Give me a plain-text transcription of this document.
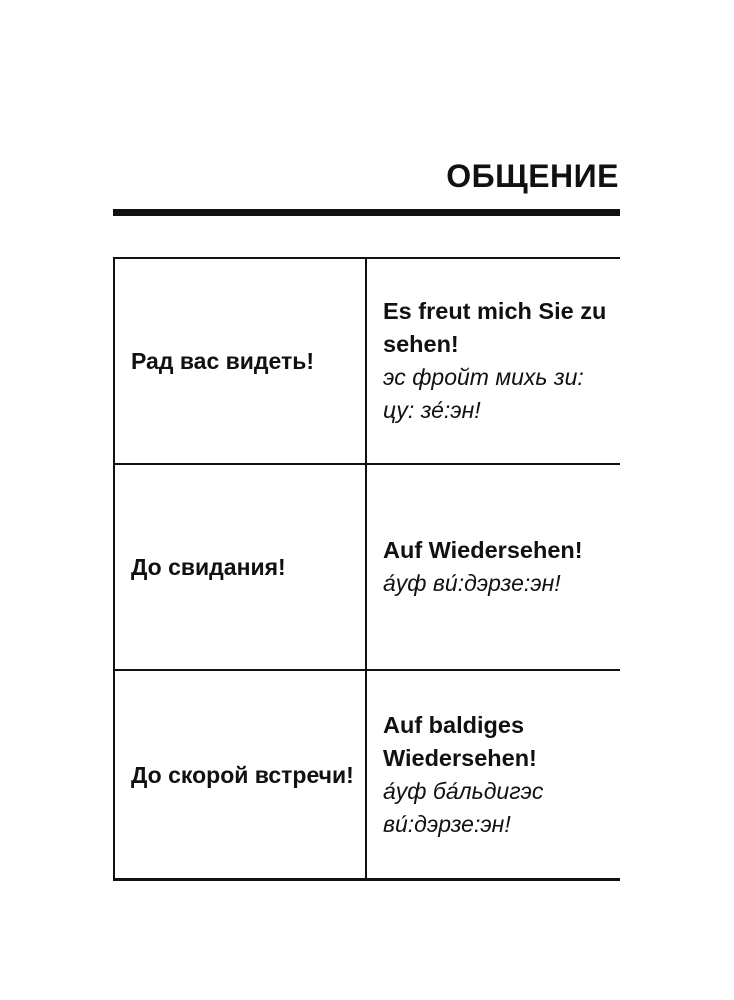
ОБЩЕНИЕ
Рад вас видеть!
Es freut mich Sie zu sehen!
эс фройт михь зи:
цу: зе́:эн!
До свидания!
Auf Wiedersehen!
а́уф ви́:дэрзе:эн!
До скорой встречи!
Auf baldiges Wiedersehen!
а́уф ба́льдигэс
ви́:дэрзе:эн!
